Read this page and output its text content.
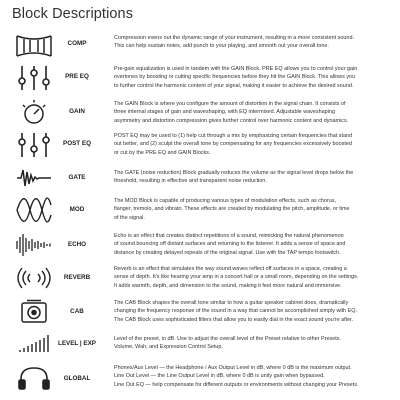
Block Descriptions
COMP
Compression evens out the dynamic range of your instrument, resulting in a more consistent sound.
This can help sustain notes, add punch to your playing, and smooth out your overall tone.
PRE EQ
Pre-gain equalization is used in tandem with the GAIN Block. PRE EQ allows you to control your gain
overtones by boosting or cutting specific frequencies before they hit the GAIN Block. This allows you
to further control the harmonic content of your signal, making it easier to achieve the desired sound.
GAIN
The GAIN Block is where you configure the amount of distortion in the signal chain. It consists of
three internal stages of gain and waveshaping, with EQ intermixed. Adjustable waveshaping
asymmetry and distortion compression gives further control over harmonic content and dynamics.
POST EQ
POST EQ may be used to (1) help cut through a mix by emphasizing certain frequencies that stand
out better, and (2) sculpt the overall tone by compensating for any frequencies excessively boosted
or cut by the PRE EQ and GAIN Blocks.
GATE
The GATE (noise reduction) Block gradually reduces the volume as the signal level drops below the
threshold, resulting in effective and transparent noise reduction.
MOD
The MOD Block is capable of producing various types of modulation effects, such as chorus,
flanger, tremolo, and vibrato. These effects are created by modulating the pitch, amplitude, or time
of the signal.
ECHO
Echo is an effect that creates distinct repetitions of a sound, mimicking the natural phenomenon
of sound bouncing off distant surfaces and returning to the listener. It adds a sense of space and
distance by creating delayed repeats of the original signal. Use with the TAP tempo footswitch.
REVERB
Reverb is an effect that simulates the way sound waves reflect off surfaces in a space, creating a
sense of depth. It's like hearing your amp in a concert hall or a small room, depending on the settings.
It adds warmth, depth, and dimension to the sound, making it feel more natural and immersive.
CAB
The CAB Block shapes the overall tone similar to how a guitar speaker cabinet does, dramatically
changing the frequency response of the sound in a way that cannot be accomplished simply with EQ.
The CAB Block uses sophisticated filters that allow you to easily dial in the exact sound you're after.
LEVEL | EXP
Level of the preset, in dB. Use to adjust the overall level of the Preset relative to other Presets.
Volume, Wah, and Expression Control Setup.
GLOBAL
Phones/Aux Level — the Headphone / Aux Output Level in dB, where 0 dB is the maximum output.
Line Out Level — the Line Output Level in dB, where 0 dB is unity gain when bypassed.
Line Out EQ — help compensate for different outputs or environments without changing your Presets.
